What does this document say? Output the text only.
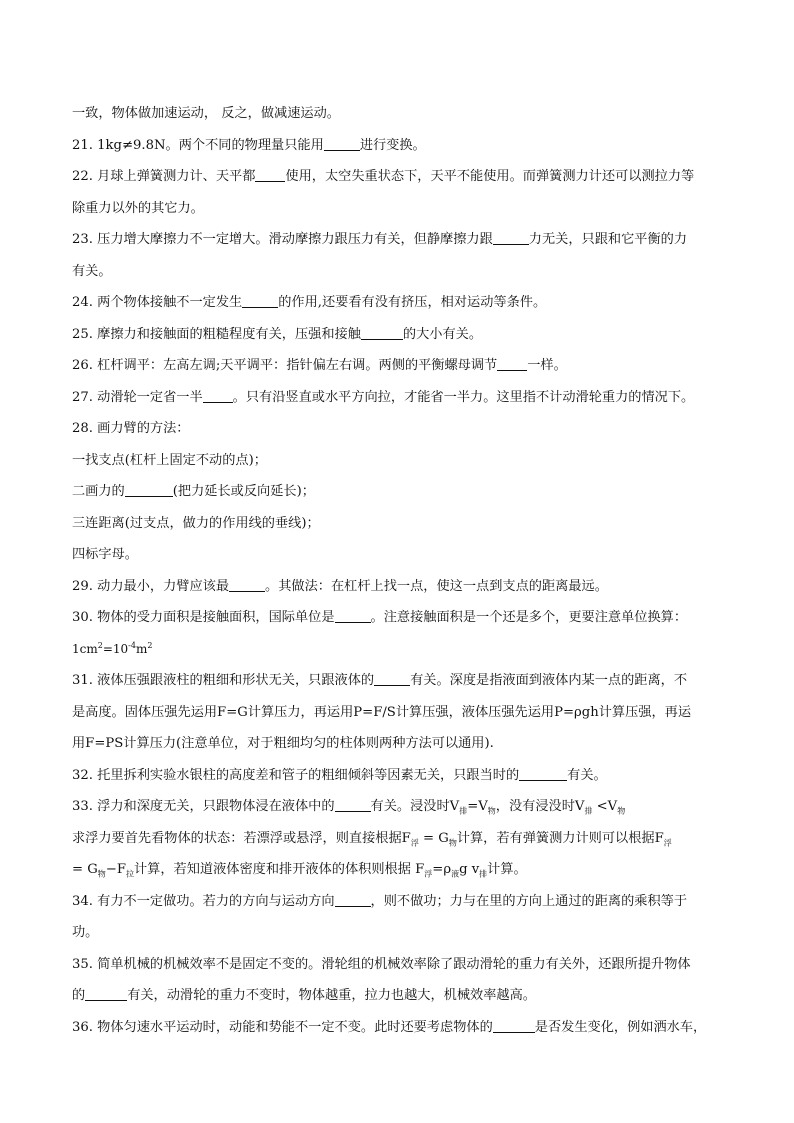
一致，物体做加速运动， 反之，做减速运动。
21. 1kg≠9.8N。两个不同的物理量只能用	进行变换。
22. 月球上弹簧测力计、天平都 使用，太空失重状态下，天平不能使用。而弹簧测力计还可以测拉力等
除重力以外的其它力。
23. 压力增大摩擦力不一定增大。滑动摩擦力跟压力有关，但静摩擦力跟	力无关，只跟和它平衡的力
有关。
24. 两个物体接触不一定发生	的作用,还要看有没有挤压，相对运动等条件。
25. 摩擦力和接触面的粗糙程度有关，压强和接触	的大小有关。
26. 杠杆调平：左高左调;天平调平：指针偏左右调。两侧的平衡螺母调节 一样。
27. 动滑轮一定省一半 。只有沿竖直或水平方向拉，才能省一半力。这里指不计动滑轮重力的情况下。
28. 画力臂的方法：
一找支点(杠杆上固定不动的点)；
二画力的	(把力延长或反向延长)；
三连距离(过支点，做力的作用线的垂线)；
四标字母。
29. 动力最小，力臂应该最	。其做法：在杠杆上找一点，使这一点到支点的距离最远。
30. 物体的受力面积是接触面积，国际单位是	。注意接触面积是一个还是多个，更要注意单位换算：
$1cm^2=10^{-4}m^2$
31. 液体压强跟液柱的粗细和形状无关，只跟液体的	有关。深度是指液面到液体内某一点的距离，不
是高度。固体压强先运用F=G计算压力，再运用P=F/S计算压强，液体压强先运用P=ρgh计算压强，再运
用F=PS计算压力(注意单位，对于粗细均匀的柱体则两种方法可以通用).
32. 托里拆利实验水银柱的高度差和管子的粗细倾斜等因素无关，只跟当时的	有关。
33. 浮力和深度无关，只跟物体浸在液体中的	有关。浸没时$V_排=V_物$，没有浸没时$V_排 <V_物$
求浮力要首先看物体的状态：若漂浮或悬浮，则直接根据$F_浮 = G_物$计算，若有弹簧测力计则可以根据$F_浮$
= $G_物-F_拉$计算，若知道液体密度和排开液体的体积则根据 $F_浮=\rho_液g$ $v_排$计算。
34. 有力不一定做功。若力的方向与运动方向	，则不做功；力与在里的方向上通过的距离的乘积等于
功。
35. 简单机械的机械效率不是固定不变的。滑轮组的机械效率除了跟动滑轮的重力有关外，还跟所提升物体
的	有关，动滑轮的重力不变时，物体越重，拉力也越大，机械效率越高。
36. 物体匀速水平运动时，动能和势能不一定不变。此时还要考虑物体的	是否发生变化，例如洒水车，
